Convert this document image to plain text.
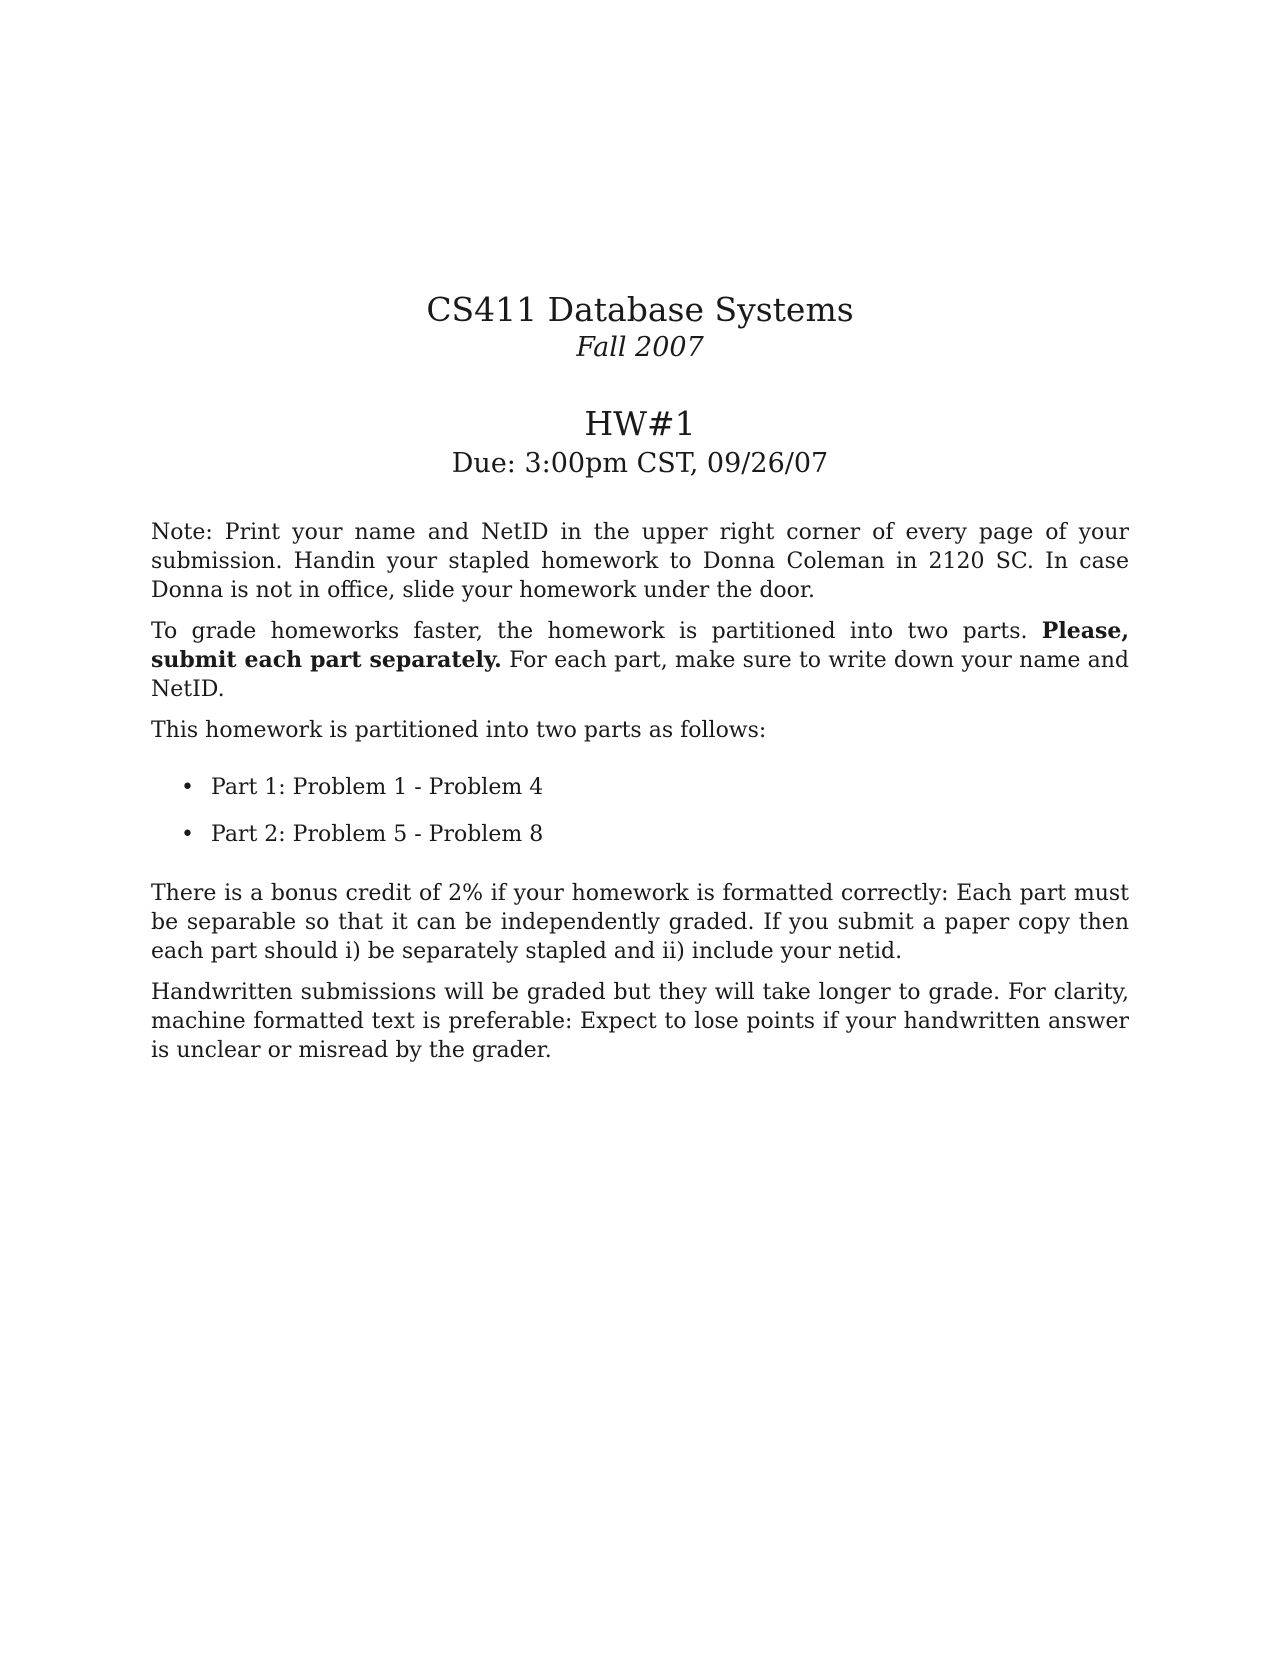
CS411 Database Systems
Fall 2007
HW#1
Due: 3:00pm CST, 09/26/07

Note: Print your name and NetID in the upper right corner of every page of your submission. Handin your stapled homework to Donna Coleman in 2120 SC. In case Donna is not in office, slide your homework under the door.

To grade homeworks faster, the homework is partitioned into two parts. Please, submit each part separately. For each part, make sure to write down your name and NetID.

This homework is partitioned into two parts as follows:

• Part 1: Problem 1 - Problem 4
• Part 2: Problem 5 - Problem 8

There is a bonus credit of 2% if your homework is formatted correctly: Each part must be separable so that it can be independently graded. If you submit a paper copy then each part should i) be separately stapled and ii) include your netid.

Handwritten submissions will be graded but they will take longer to grade. For clarity, machine formatted text is preferable: Expect to lose points if your handwritten answer is unclear or misread by the grader.
